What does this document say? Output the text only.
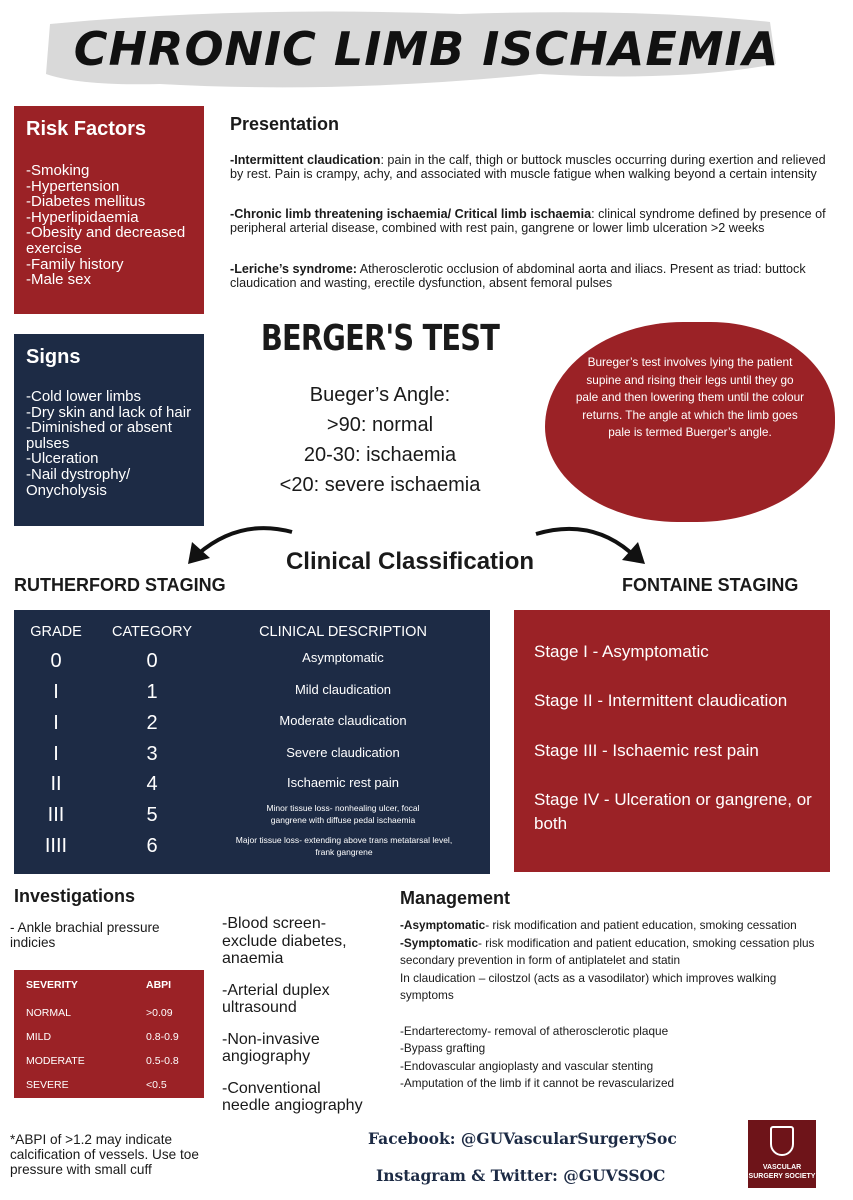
CHRONIC LIMB ISCHAEMIA
Risk Factors
-Smoking
-Hypertension
-Diabetes mellitus
-Hyperlipidaemia
-Obesity and decreased exercise
-Family history
-Male sex
Presentation
-Intermittent claudication: pain in the calf, thigh or buttock muscles occurring during exertion and relieved by rest. Pain is crampy, achy, and associated with muscle fatigue when walking beyond a certain intensity
-Chronic limb threatening ischaemia/ Critical limb ischaemia: clinical syndrome defined by presence of peripheral arterial disease, combined with rest pain, gangrene or lower limb ulceration >2 weeks
-Leriche’s syndrome: Atherosclerotic occlusion of abdominal aorta and iliacs. Present as triad: buttock claudication and wasting, erectile dysfunction, absent femoral pulses
Signs
-Cold lower limbs
-Dry skin and lack of hair
-Diminished or absent pulses
-Ulceration
-Nail dystrophy/ Onycholysis
BERGER'S TEST
Bueger’s Angle:
>90: normal
20-30: ischaemia
<20: severe ischaemia
Bureger’s test involves lying the patient supine and rising their legs until they go pale and then lowering them until the colour returns. The angle at which the limb goes pale is termed Buerger’s angle.
Clinical Classification
RUTHERFORD STAGING	FONTAINE STAGING
GRADE	CATEGORY	CLINICAL DESCRIPTION
0	0	Asymptomatic
I	1	Mild claudication
I	2	Moderate claudication
I	3	Severe claudication
II	4	Ischaemic rest pain
III	5	Minor tissue loss- nonhealing ulcer, focal gangrene with diffuse pedal ischaemia
IIII	6	Major tissue loss- extending above trans metatarsal level, frank gangrene
Stage I - Asymptomatic
Stage II - Intermittent claudication
Stage III - Ischaemic rest pain
Stage IV - Ulceration or gangrene, or both
Investigations
- Ankle brachial pressure indicies
SEVERITY	ABPI
NORMAL	>0.09
MILD	0.8-0.9
MODERATE	0.5-0.8
SEVERE	<0.5
*ABPI of >1.2 may indicate calcification of vessels. Use toe pressure with small cuff
-Blood screen- exclude diabetes, anaemia
-Arterial duplex ultrasound
-Non-invasive angiography
-Conventional needle angiography
Management
-Asymptomatic- risk modification and patient education, smoking cessation
-Symptomatic- risk modification and patient education, smoking cessation plus secondary prevention in form of antiplatelet and statin
In claudication – cilostzol (acts as a vasodilator) which improves walking symptoms
-Endarterectomy- removal of atherosclerotic plaque
-Bypass grafting
-Endovascular angioplasty and vascular stenting
-Amputation of the limb if it cannot be revascularized
Facebook: @GUVascularSurgerySoc
Instagram & Twitter: @GUVSSOC	VASCULAR
SURGERY SOCIETY
